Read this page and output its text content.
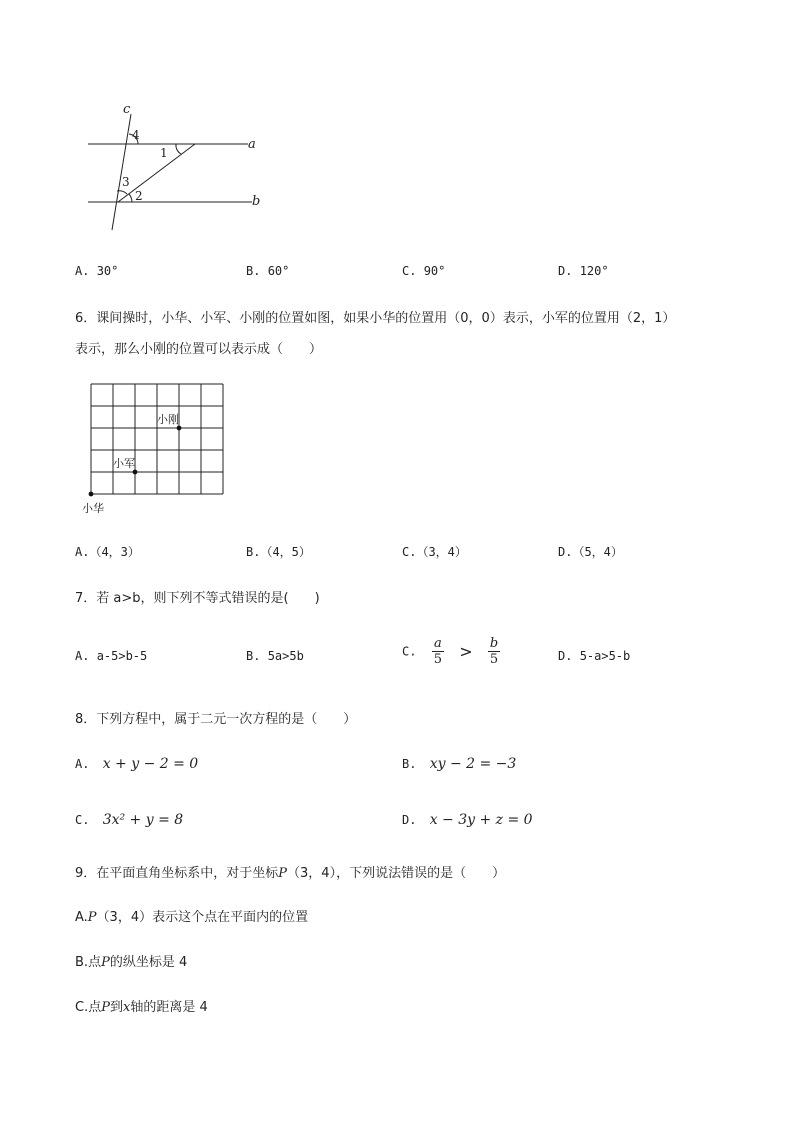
c
a
b
4
1
3
2
A. 30°	B. 60°	C. 90°	D. 120°
6．课间操时，小华、小军、小刚的位置如图，如果小华的位置用（0，0）表示，小军的位置用（2，1）
表示，那么小刚的位置可以表示成（　　）
小华
小军
小刚
A.（4，3）	B.（4，5）	C.（3，4）	D.（5，4）
7．若 a>b，则下列不等式错误的是(　　)
A. a-5>b-5	B. 5a>5b	C. $\frac{a}{5} > \frac{b}{5}$	D. 5-a>5-b
8．下列方程中，属于二元一次方程的是（　　）
A. x + y − 2 = 0	B. xy − 2 = −3
C. 3x² + y = 8	D. x − 3y + z = 0
9．在平面直角坐标系中，对于坐标P（3，4），下列说法错误的是（　　）
A.P（3，4）表示这个点在平面内的位置
B.点P的纵坐标是 4
C.点P到x轴的距离是 4
